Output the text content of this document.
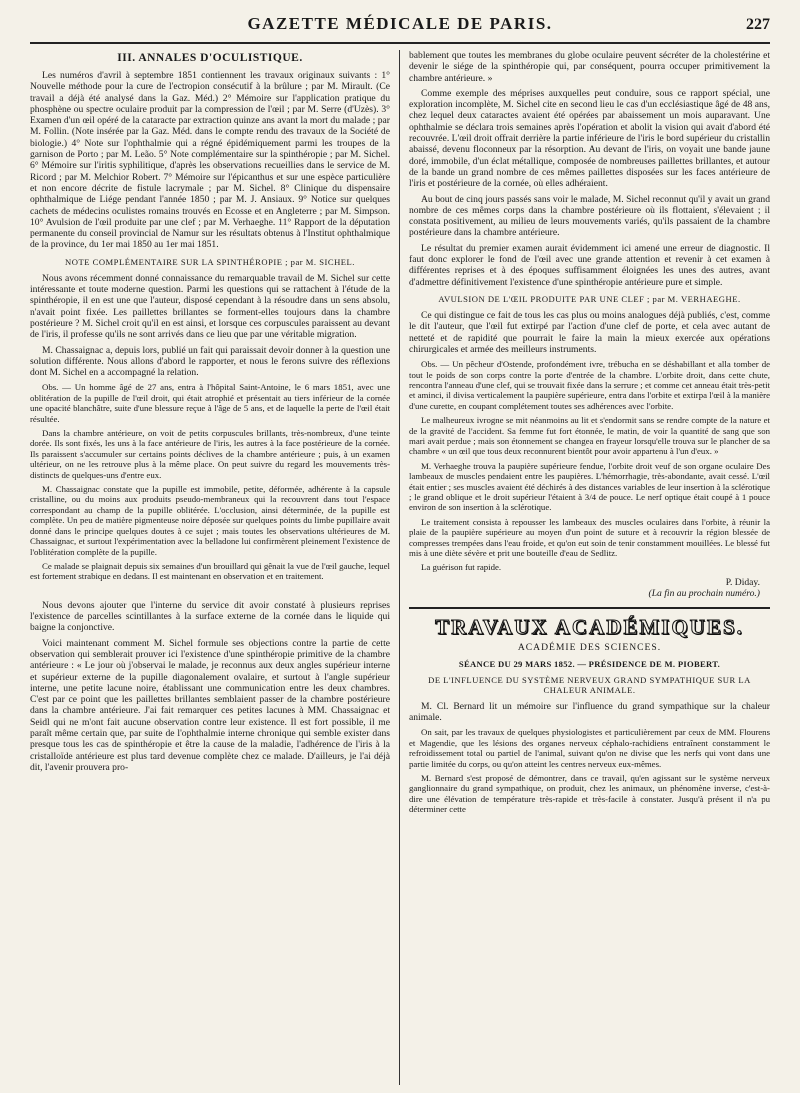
GAZETTE MÉDICALE DE PARIS.	227
III. ANNALES D'OCULISTIQUE.

Les numéros d'avril à septembre 1851 contiennent les travaux originaux suivants : 1° Nouvelle méthode pour la cure de l'ectropion consécutif à la brûlure ; par M. Mirault. (Ce travail a déjà été analysé dans la Gaz. Méd.) 2° Mémoire sur l'application pratique du phosphène ou spectre oculaire produit par la compression de l'œil ; par M. Serre (d'Uzès). 3° Examen d'un œil opéré de la cataracte par extraction quinze ans avant la mort du malade ; par M. Follin. (Note insérée par la Gaz. Méd. dans le compte rendu des travaux de la Société de biologie.) 4° Note sur l'ophthalmie qui a régné épidémiquement parmi les troupes de la garnison de Porto ; par M. Leão. 5° Note complémentaire sur la spinthéropie ; par M. Sichel. 6° Mémoire sur l'iritis syphilitique, d'après les observations recueillies dans le service de M. Ricord ; par M. Melchior Robert. 7° Mémoire sur l'épicanthus et sur une espèce particulière et non encore décrite de fistule lacrymale ; par M. Sichel. 8° Clinique du dispensaire ophthalmique de Liége pendant l'année 1850 ; par M. J. Ansiaux. 9° Notice sur quelques cachets de médecins oculistes romains trouvés en Ecosse et en Angleterre ; par M. Simpson. 10° Avulsion de l'œil produite par une clef ; par M. Verhaeghe. 11° Rapport de la députation permanente du conseil provincial de Namur sur les résultats obtenus à l'Institut ophthalmique de la province, du 1er mai 1850 au 1er mai 1851.

NOTE COMPLÉMENTAIRE SUR LA SPINTHÉROPIE ; par M. SICHEL.

Nous avons récemment donné connaissance du remarquable travail de M. Sichel sur cette intéressante et toute moderne question. Parmi les questions qui se rattachent à l'étude de la spinthéropie, il en est une que l'auteur, disposé cependant à la résoudre dans un sens absolu, n'avait point fixée. Les paillettes brillantes se forment-elles toujours dans la chambre postérieure ? M. Sichel croit qu'il en est ainsi, et lorsque ces corpuscules paraissent au devant de l'iris, il professe qu'ils ne sont arrivés dans ce lieu que par une véritable migration.

M. Chassaignac a, depuis lors, publié un fait qui paraissait devoir donner à la question une solution différente. Nous allons d'abord le rapporter, et nous le ferons suivre des réflexions dont M. Sichel en a accompagné la relation.

Obs. — Un homme âgé de 27 ans, entra à l'hôpital Saint-Antoine, le 6 mars 1851, avec une oblitération de la pupille de l'œil droit, qui était atrophié et présentait au tiers inférieur de la cornée une opacité blanchâtre, suite d'une blessure reçue à l'âge de 5 ans, et de laquelle la perte de l'œil était résultée.

Dans la chambre antérieure, on voit de petits corpuscules brillants, très-nombreux, d'une teinte dorée. Ils sont fixés, les uns à la face antérieure de l'iris, les autres à la face postérieure de la cornée. Ils paraissent s'accumuler sur certains points déclives de la chambre antérieure ; puis, à un examen ultérieur, on ne les retrouve plus à la même place. On peut suivre du regard les mouvements très-distincts de quelques-uns d'entre eux.

M. Chassaignac constate que la pupille est immobile, petite, déformée, adhérente à la capsule cristalline, ou du moins aux produits pseudo-membraneux qui la recouvrent dans tout l'espace correspondant au champ de la pupille oblitérée. L'occlusion, ainsi déterminée, de la pupille est complète. Un peu de matière pigmenteuse noire déposée sur quelques points du limbe pupillaire avait donné dans le principe quelques doutes à ce sujet ; mais toutes les observations ultérieures de M. Chassaignac, et surtout l'expérimentation avec la belladone lui confirmèrent pleinement l'existence de l'oblitération complète de la pupille.

Ce malade se plaignait depuis six semaines d'un brouillard qui gênait la vue de l'œil gauche, lequel est fortement strabique en dedans. Il est maintenant en observation et en traitement.

Nous devons ajouter que l'interne du service dit avoir constaté à plusieurs reprises l'existence de parcelles scintillantes à la surface externe de la cornée dans le liquide qui baigne la conjonctive.

Voici maintenant comment M. Sichel formule ses objections contre la partie de cette observation qui semblerait prouver ici l'existence d'une spinthéropie primitive de la chambre antérieure : « Le jour où j'observai le malade, je reconnus aux deux angles supérieur interne et supérieur externe de la pupille diagonalement ovalaire, et surtout à l'angle supérieur interne, une petite lacune noire, établissant une communication entre les deux chambres. C'est par ce point que les paillettes brillantes semblaient passer de la chambre postérieure dans la chambre antérieure. J'ai fait remarquer ces petites lacunes à MM. Chassaignac et Seidl qui ne m'ont fait aucune observation contre leur existence. Il est fort possible, il me paraît même certain que, par suite de l'ophthalmie interne chronique qui semble exister dans presque tous les cas de spinthéropie et être la cause de la maladie, l'adhérence de l'iris à la cristalloïde antérieure est plus tard devenue complète chez ce malade. D'ailleurs, je l'ai déjà dit, l'avenir prouvera pro-

bablement que toutes les membranes du globe oculaire peuvent sécréter de la cholestérine et devenir le siége de la spinthéropie qui, par conséquent, pourra occuper primitivement la chambre antérieure. »

Comme exemple des méprises auxquelles peut conduire, sous ce rapport spécial, une exploration incomplète, M. Sichel cite en second lieu le cas d'un ecclésiastique âgé de 48 ans, chez lequel deux cataractes avaient été opérées par abaissement un mois auparavant. Une ophthalmie se déclara trois semaines après l'opération et abolit la vision qui avait d'abord été recouvrée. L'œil droit offrait derrière la partie inférieure de l'iris le bord supérieur du cristallin abaissé, devenu floconneux par la résorption. Au devant de l'iris, on voyait une bande jaune doré, immobile, d'un éclat métallique, composée de nombreuses paillettes brillantes, et autour de la bande un grand nombre de ces mêmes paillettes disposées sur les faces antérieure de l'iris et postérieure de la cornée, où elles adhéraient.

Au bout de cinq jours passés sans voir le malade, M. Sichel reconnut qu'il y avait un grand nombre de ces mêmes corps dans la chambre postérieure où ils flottaient, s'élevaient ; il constata positivement, au milieu de leurs mouvements variés, qu'ils passaient de la chambre postérieure dans la chambre antérieure.

Le résultat du premier examen aurait évidemment ici amené une erreur de diagnostic. Il faut donc explorer le fond de l'œil avec une grande attention et revenir à cet examen à différentes reprises et à des époques suffisamment éloignées les unes des autres, avant d'admettre définitivement l'existence d'une spinthéropie antérieure pure et simple.

AVULSION DE L'ŒIL PRODUITE PAR UNE CLEF ; par M. VERHAEGHE.

Ce qui distingue ce fait de tous les cas plus ou moins analogues déjà publiés, c'est, comme le dit l'auteur, que l'œil fut extirpé par l'action d'une clef de porte, et cela avec autant de netteté et de rapidité que pourrait le faire la main la mieux exercée aux opérations chirurgicales et armée des meilleurs instruments.

Obs. — Un pêcheur d'Ostende, profondément ivre, trébucha en se déshabillant et alla tomber de tout le poids de son corps contre la porte d'entrée de la chambre. L'orbite droit, dans cette chute, rencontra l'anneau d'une clef, qui se trouvait fixée dans la serrure ; et comme cet anneau était très-petit et aminci, il divisa verticalement la paupière supérieure, entra dans l'orbite et extirpa l'œil à la manière d'une curette, en coupant complétement toutes ses adhérences avec l'orbite.

Le malheureux ivrogne se mit néanmoins au lit et s'endormit sans se rendre compte de la nature et de la gravité de l'accident. Sa femme fut fort étonnée, le matin, de voir la quantité de sang que son mari avait perdue ; mais son étonnement se changea en frayeur lorsqu'elle trouva sur le plancher de sa chambre « un œil que tous deux reconnurent bientôt pour avoir appartenu à l'un d'eux. »

M. Verhaeghe trouva la paupière supérieure fendue, l'orbite droit veuf de son organe oculaire Des lambeaux de muscles pendaient entre les paupières. L'hémorrhagie, très-abondante, avait cessé. L'œil était entier ; ses muscles avaient été déchirés à des distances variables de leur insertion à la sclérotique ; le grand oblique et le droit supérieur l'étaient à 3/4 de pouce. Le nerf optique était coupé à 1 pouce environ de son insertion à la sclérotique.

Le traitement consista à repousser les lambeaux des muscles oculaires dans l'orbite, à réunir la plaie de la paupière supérieure au moyen d'un point de suture et à recouvrir la région blessée de compresses trempées dans l'eau froide, et qu'on eut soin de tenir constamment mouillées. Le blessé fut mis à une diète sévère et prit une bouteille d'eau de Sedlitz.

La guérison fut rapide.

P. Diday.
(La fin au prochain numéro.)
TRAVAUX ACADÉMIQUES.
ACADÉMIE DES SCIENCES.
SÉANCE DU 29 MARS 1852. — PRÉSIDENCE DE M. PIOBERT.
DE L'INFLUENCE DU SYSTÈME NERVEUX GRAND SYMPATHIQUE SUR LA CHALEUR ANIMALE.

M. Cl. Bernard lit un mémoire sur l'influence du grand sympathique sur la chaleur animale.

On sait, par les travaux de quelques physiologistes et particulièrement par ceux de MM. Flourens et Magendie, que les lésions des organes nerveux céphalo-rachidiens entraînent constamment le refroidissement total ou partiel de l'animal, suivant qu'on ne divise que les nerfs qui vont dans une partie limitée du corps, ou qu'on atteint les centres nerveux eux-mêmes.

M. Bernard s'est proposé de démontrer, dans ce travail, qu'en agissant sur le système nerveux ganglionnaire du grand sympathique, on produit, chez les animaux, un phénomène inverse, c'est-à-dire une élévation de température très-rapide et très-facile à constater. Jusqu'à présent il n'a pu déterminer cette
